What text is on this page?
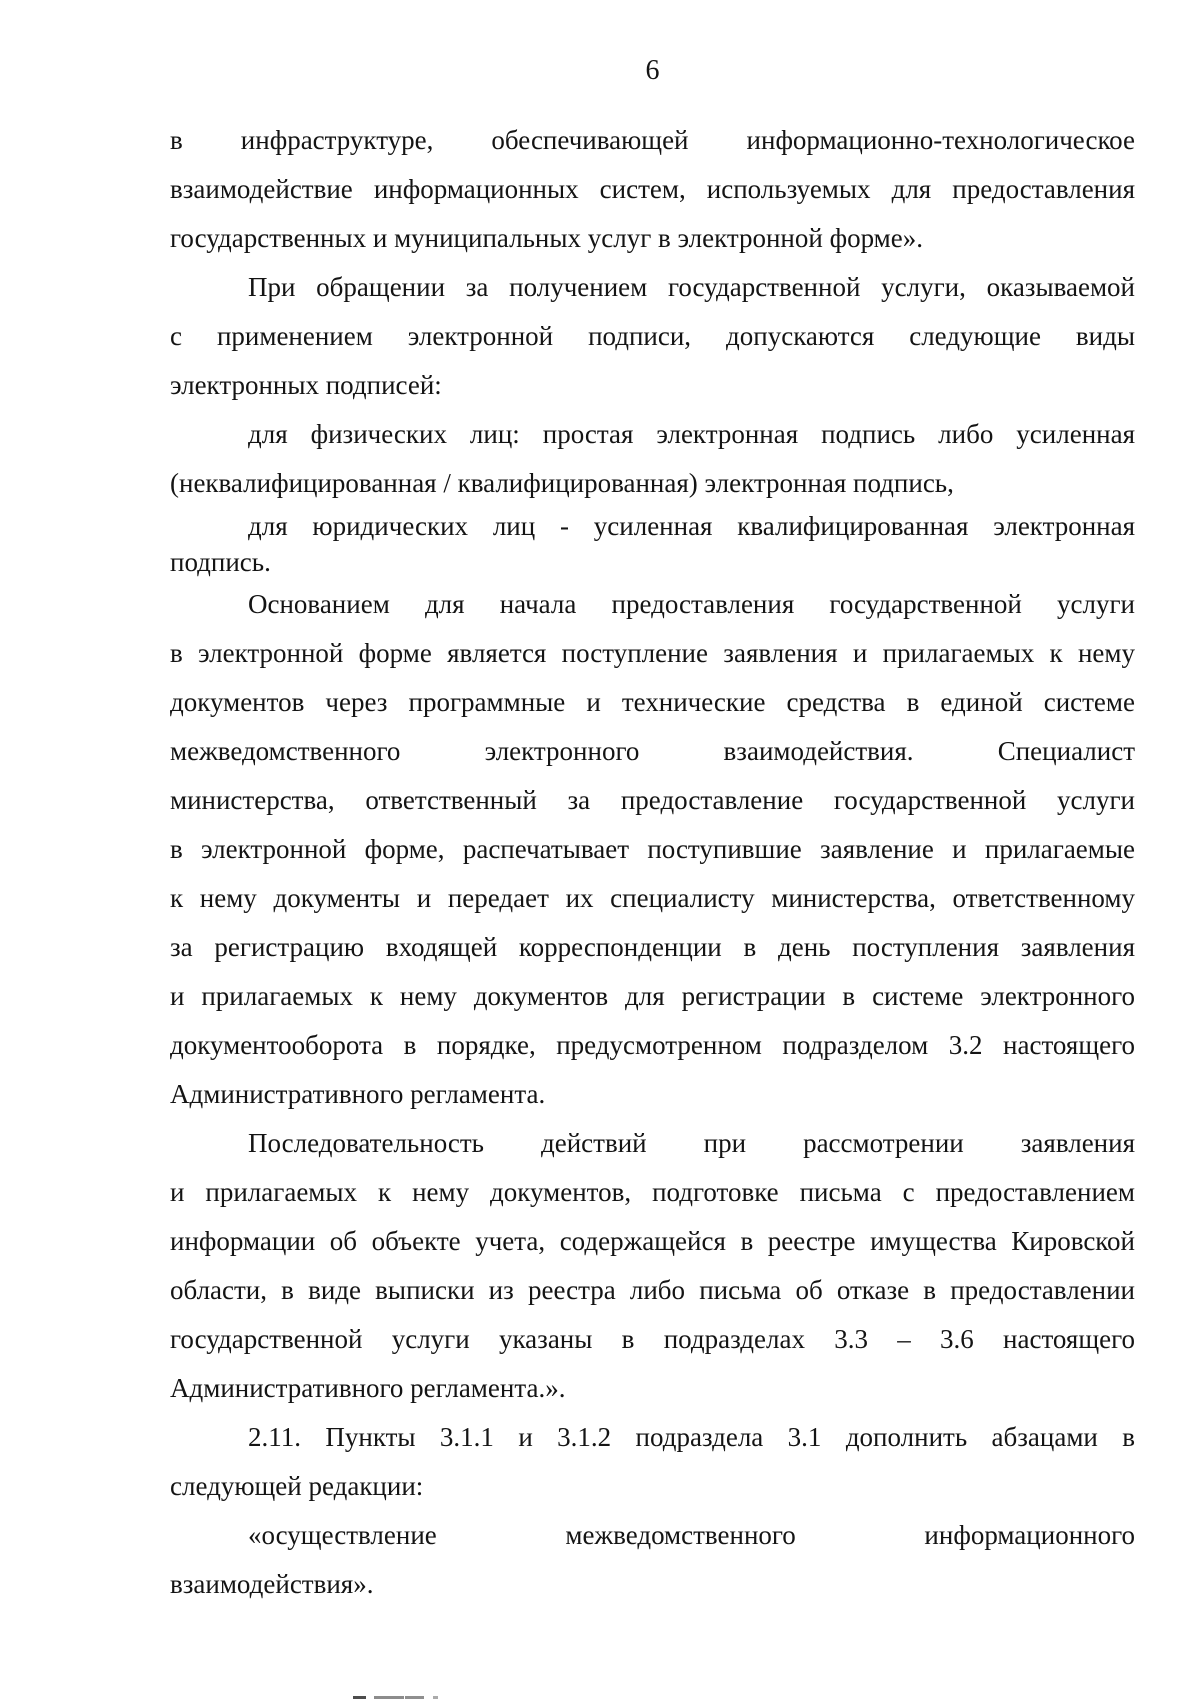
6
в инфраструктуре, обеспечивающей информационно-технологическое
взаимодействие информационных систем, используемых для предоставления
государственных и муниципальных услуг в электронной форме».
При обращении за получением государственной услуги, оказываемой
с применением электронной подписи, допускаются следующие виды
электронных подписей:
для физических лиц: простая электронная подпись либо усиленная
(неквалифицированная / квалифицированная) электронная подпись,
для юридических лиц - усиленная квалифицированная электронная
подпись.
Основанием для начала предоставления государственной услуги
в электронной форме является поступление заявления и прилагаемых к нему
документов через программные и технические средства в единой системе
межведомственного электронного взаимодействия. Специалист
министерства, ответственный за предоставление государственной услуги
в электронной форме, распечатывает поступившие заявление и прилагаемые
к нему документы и передает их специалисту министерства, ответственному
за регистрацию входящей корреспонденции в день поступления заявления
и прилагаемых к нему документов для регистрации в системе электронного
документооборота в порядке, предусмотренном подразделом 3.2 настоящего
Административного регламента.
Последовательность действий при рассмотрении заявления
и прилагаемых к нему документов, подготовке письма с предоставлением
информации об объекте учета, содержащейся в реестре имущества Кировской
области, в виде выписки из реестра либо письма об отказе в предоставлении
государственной услуги указаны в подразделах 3.3 – 3.6 настоящего
Административного регламента.».
2.11. Пункты 3.1.1 и 3.1.2 подраздела 3.1 дополнить абзацами в
следующей редакции:
«осуществление межведомственного информационного
взаимодействия».
